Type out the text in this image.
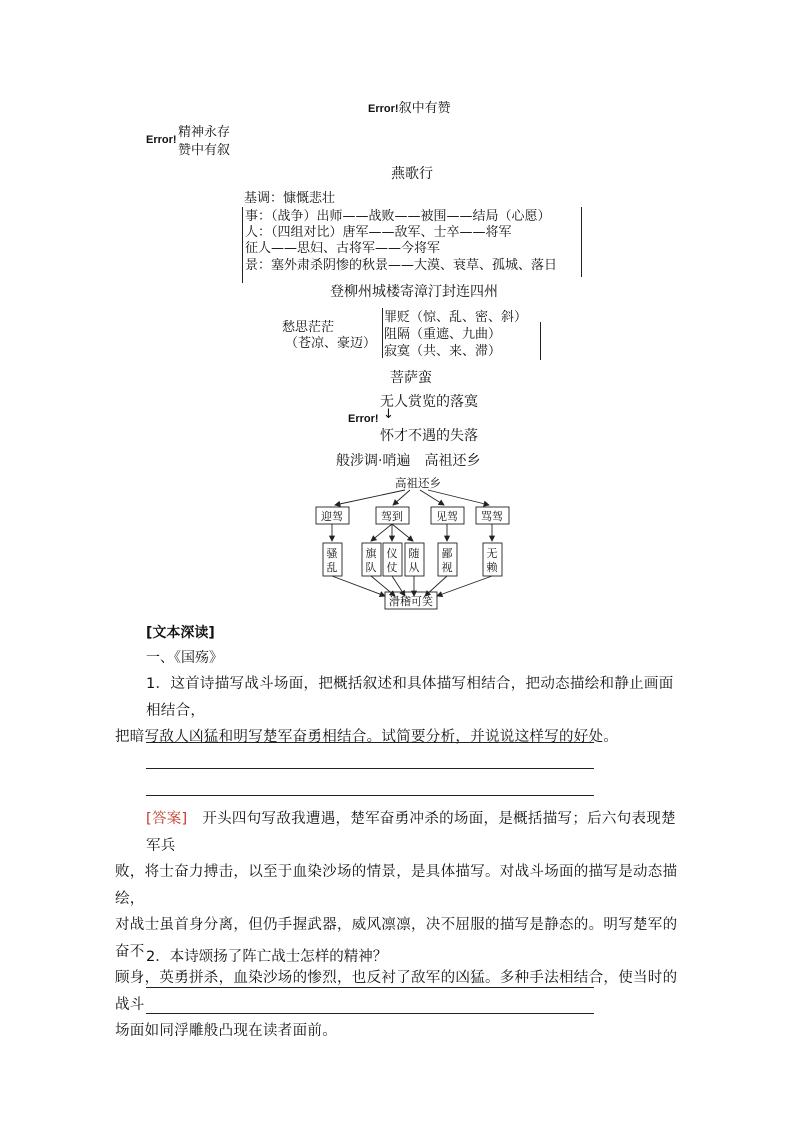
Error!叙中有赞
Error! 精神永存
赞中有叙
燕歌行
基调：慷慨悲壮
事：（战争）出师——战败——被围——结局（心愿）
人：（四组对比）唐军——敌军、士卒——将军
征人——思妇、古将军——今将军
景：塞外肃杀阴惨的秋景——大漠、衰草、孤城、落日
登柳州城楼寄漳汀封连四州
愁思茫茫
（苍凉、豪迈）
罪贬（惊、乱、密、斜）
阻隔（重遮、九曲）
寂寞（共、来、滞）
菩萨蛮
无人赏览的落寞
Error! ↓
怀才不遇的失落
般涉调·哨遍　高祖还乡
高祖还乡
迎驾	驾到	见驾 骂驾
骚乱
旗队
仪仗
随从
鄙视
无赖
滑稽可笑
[文本深读]
一、《国殇》

1．这首诗描写战斗场面，把概括叙述和具体描写相结合，把动态描绘和静止画面相结合，

把暗写敌人凶猛和明写楚军奋勇相结合。试简要分析，并说说这样写的好处。

[答案]　 开头四句写敌我遭遇，楚军奋勇冲杀的场面，是概括描写；后六句表现楚军兵

败，将士奋力搏击，以至于血染沙场的情景，是具体描写。对战斗场面的描写是动态描绘，

对战士虽首身分离，但仍手握武器，威风凛凛，决不屈服的描写是静态的。明写楚军的奋不

顾身，英勇拼杀，血染沙场的惨烈，也反衬了敌军的凶猛。多种手法相结合，使当时的战斗

场面如同浮雕般凸现在读者面前。

2．本诗颂扬了阵亡战士怎样的精神？
